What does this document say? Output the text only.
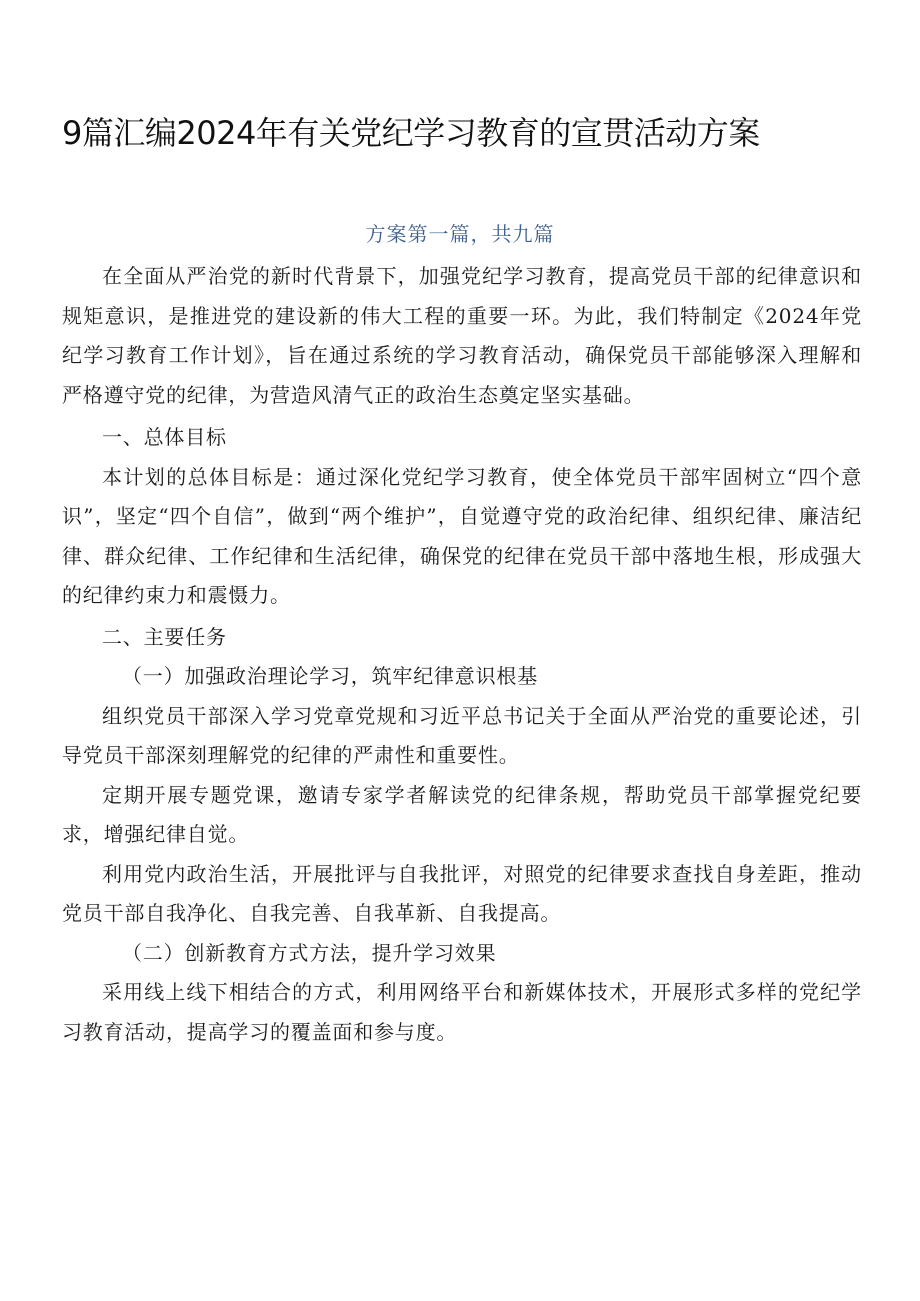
9篇汇编2024年有关党纪学习教育的宣贯活动方案
方案第一篇，共九篇

在全面从严治党的新时代背景下，加强党纪学习教育，提高党员干部的纪律意识和规矩意识，是推进党的建设新的伟大工程的重要一环。为此，我们特制定《2024年党纪学习教育工作计划》，旨在通过系统的学习教育活动，确保党员干部能够深入理解和严格遵守党的纪律，为营造风清气正的政治生态奠定坚实基础。

一、总体目标

本计划的总体目标是：通过深化党纪学习教育，使全体党员干部牢固树立“四个意识”，坚定“四个自信”，做到“两个维护”，自觉遵守党的政治纪律、组织纪律、廉洁纪律、群众纪律、工作纪律和生活纪律，确保党的纪律在党员干部中落地生根，形成强大的纪律约束力和震慑力。

二、主要任务

（一）加强政治理论学习，筑牢纪律意识根基

组织党员干部深入学习党章党规和习近平总书记关于全面从严治党的重要论述，引导党员干部深刻理解党的纪律的严肃性和重要性。

定期开展专题党课，邀请专家学者解读党的纪律条规，帮助党员干部掌握党纪要求，增强纪律自觉。

利用党内政治生活，开展批评与自我批评，对照党的纪律要求查找自身差距，推动党员干部自我净化、自我完善、自我革新、自我提高。

（二）创新教育方式方法，提升学习效果

采用线上线下相结合的方式，利用网络平台和新媒体技术，开展形式多样的党纪学习教育活动，提高学习的覆盖面和参与度。
